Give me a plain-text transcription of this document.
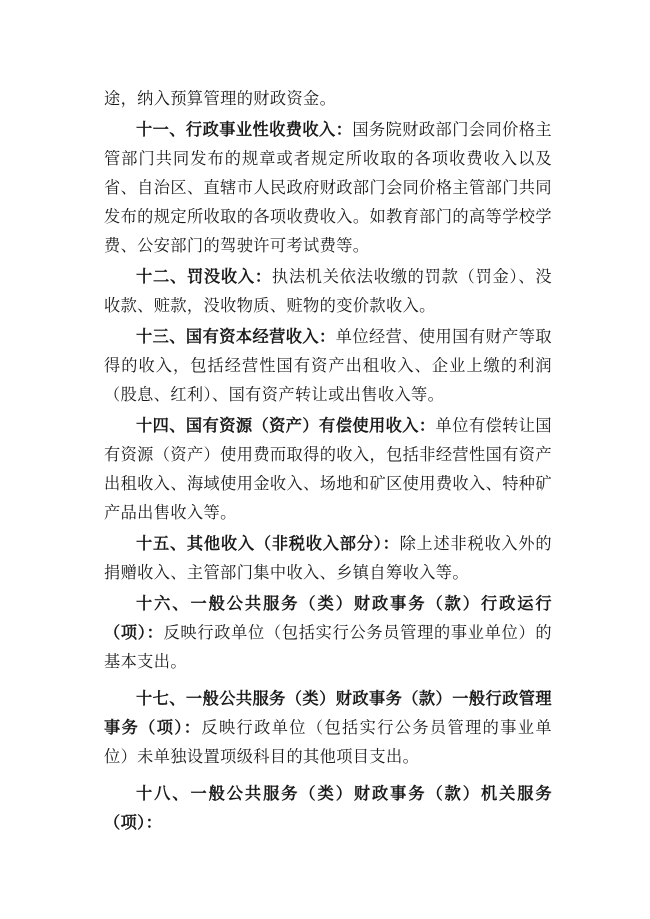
途，纳入预算管理的财政资金。

十一、行政事业性收费收入：国务院财政部门会同价格主管部门共同发布的规章或者规定所收取的各项收费收入以及省、自治区、直辖市人民政府财政部门会同价格主管部门共同发布的规定所收取的各项收费收入。如教育部门的高等学校学费、公安部门的驾驶许可考试费等。

十二、罚没收入：执法机关依法收缴的罚款（罚金）、没收款、赃款，没收物质、赃物的变价款收入。

十三、国有资本经营收入：单位经营、使用国有财产等取得的收入，包括经营性国有资产出租收入、企业上缴的利润（股息、红利）、国有资产转让或出售收入等。

十四、国有资源（资产）有偿使用收入：单位有偿转让国有资源（资产）使用费而取得的收入，包括非经营性国有资产出租收入、海域使用金收入、场地和矿区使用费收入、特种矿产品出售收入等。

十五、其他收入（非税收入部分）：除上述非税收入外的捐赠收入、主管部门集中收入、乡镇自筹收入等。

十六、一般公共服务（类）财政事务（款）行政运行（项）：反映行政单位（包括实行公务员管理的事业单位）的基本支出。

十七、一般公共服务（类）财政事务（款）一般行政管理事务（项）：反映行政单位（包括实行公务员管理的事业单位）未单独设置项级科目的其他项目支出。

十八、一般公共服务（类）财政事务（款）机关服务（项）：
